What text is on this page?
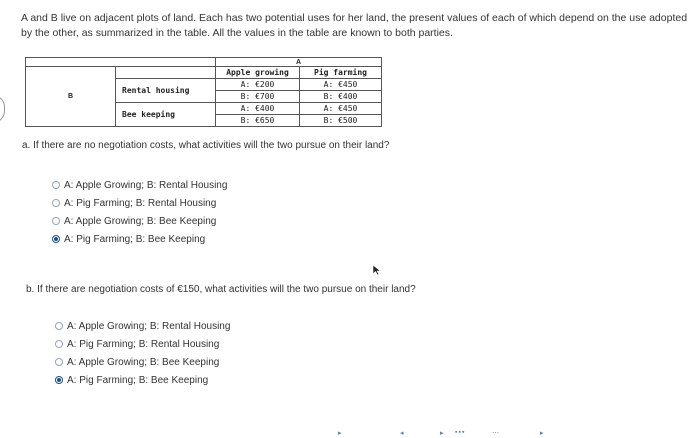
A and B live on adjacent plots of land. Each has two potential uses for her land, the present values of each of which depend on the use adopted by the other, as summarized in the table. All the values in the table are known to both parties.
		A	
B		Apple growing	Pig farming
	Rental housing	A: €200	A: €450
		B: €700	B: €400
	Bee keeping	A: €400	A: €450
		B: €650	B: €500
a. If there are no negotiation costs, what activities will the two pursue on their land?
A: Apple Growing; B: Rental Housing
A: Pig Farming; B: Rental Housing
A: Apple Growing; B: Bee Keeping
A: Pig Farming; B: Bee Keeping
b. If there are negotiation costs of €150, what activities will the two pursue on their land?
A: Apple Growing; B: Rental Housing
A: Pig Farming; B: Rental Housing
A: Apple Growing; B: Bee Keeping
A: Pig Farming; B: Bee Keeping
▸	◂	▸ ▪▪▪	⋯	▸
